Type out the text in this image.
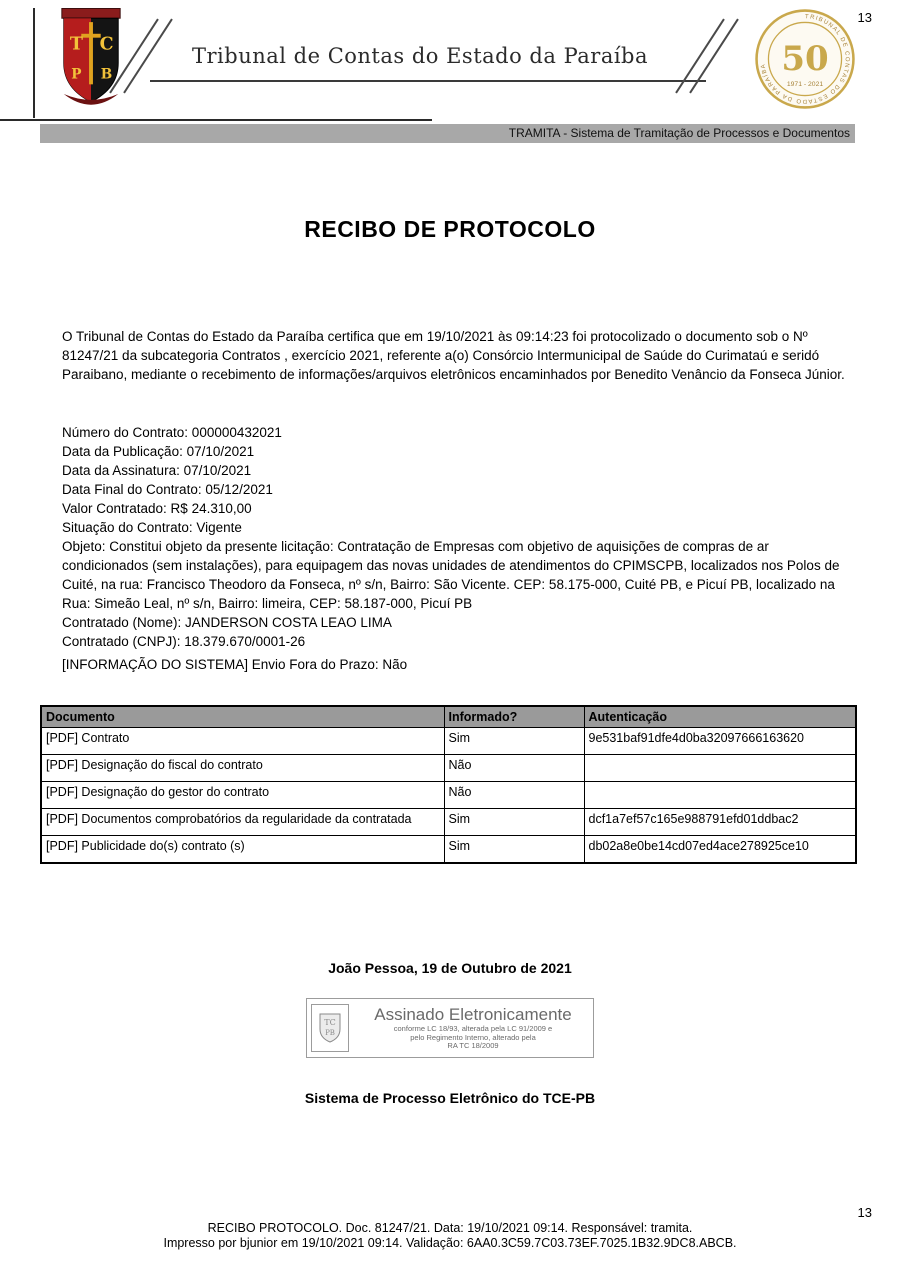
T C
P B
Tribunal de Contas do Estado da Paraíba
13
TRIBUNAL DE CONTAS DO ESTADO DA PARAÍBA 50
1971 - 2021
TRAMITA - Sistema de Tramitação de Processos e Documentos
RECIBO DE PROTOCOLO
O Tribunal de Contas do Estado da Paraíba certifica que em 19/10/2021 às 09:14:23 foi protocolizado o documento sob o Nº 81247/21 da subcategoria Contratos , exercício 2021, referente a(o) Consórcio Intermunicipal de Saúde do Curimataú e seridó Paraibano, mediante o recebimento de informações/arquivos eletrônicos encaminhados por Benedito Venâncio da Fonseca Júnior.
Número do Contrato: 000000432021
Data da Publicação: 07/10/2021
Data da Assinatura: 07/10/2021
Data Final do Contrato: 05/12/2021
Valor Contratado: R$ 24.310,00
Situação do Contrato: Vigente
Objeto: Constitui objeto da presente licitação: Contratação de Empresas com objetivo de aquisições de compras de ar condicionados (sem instalações), para equipagem das novas unidades de atendimentos do CPIMSCPB, localizados nos Polos de Cuité, na rua: Francisco Theodoro da Fonseca, nº s/n, Bairro: São Vicente. CEP: 58.175-000, Cuité PB, e Picuí PB, localizado na Rua: Simeão Leal, nº s/n, Bairro: limeira, CEP: 58.187-000, Picuí PB
Contratado (Nome): JANDERSON COSTA LEAO LIMA
Contratado (CNPJ): 18.379.670/0001-26
[INFORMAÇÃO DO SISTEMA] Envio Fora do Prazo: Não
Documento	Informado?	Autenticação
[PDF] Contrato	Sim	9e531baf91dfe4d0ba32097666163620
[PDF] Designação do fiscal do contrato	Não	
[PDF] Designação do gestor do contrato	Não	
[PDF] Documentos comprobatórios da regularidade da contratada	Sim	dcf1a7ef57c165e988791efd01ddbac2
[PDF] Publicidade do(s) contrato (s)	Sim	db02a8e0be14cd07ed4ace278925ce10
João Pessoa, 19 de Outubro de 2021
TC
PB
Assinado Eletronicamente
conforme LC 18/93, alterada pela LC 91/2009 e
pelo Regimento Interno, alterado pela
RA TC 18/2009
Sistema de Processo Eletrônico do TCE-PB
RECIBO PROTOCOLO. Doc. 81247/21. Data: 19/10/2021 09:14. Responsável: tramita.
Impresso por bjunior em 19/10/2021 09:14. Validação: 6AA0.3C59.7C03.73EF.7025.1B32.9DC8.ABCB.
13
